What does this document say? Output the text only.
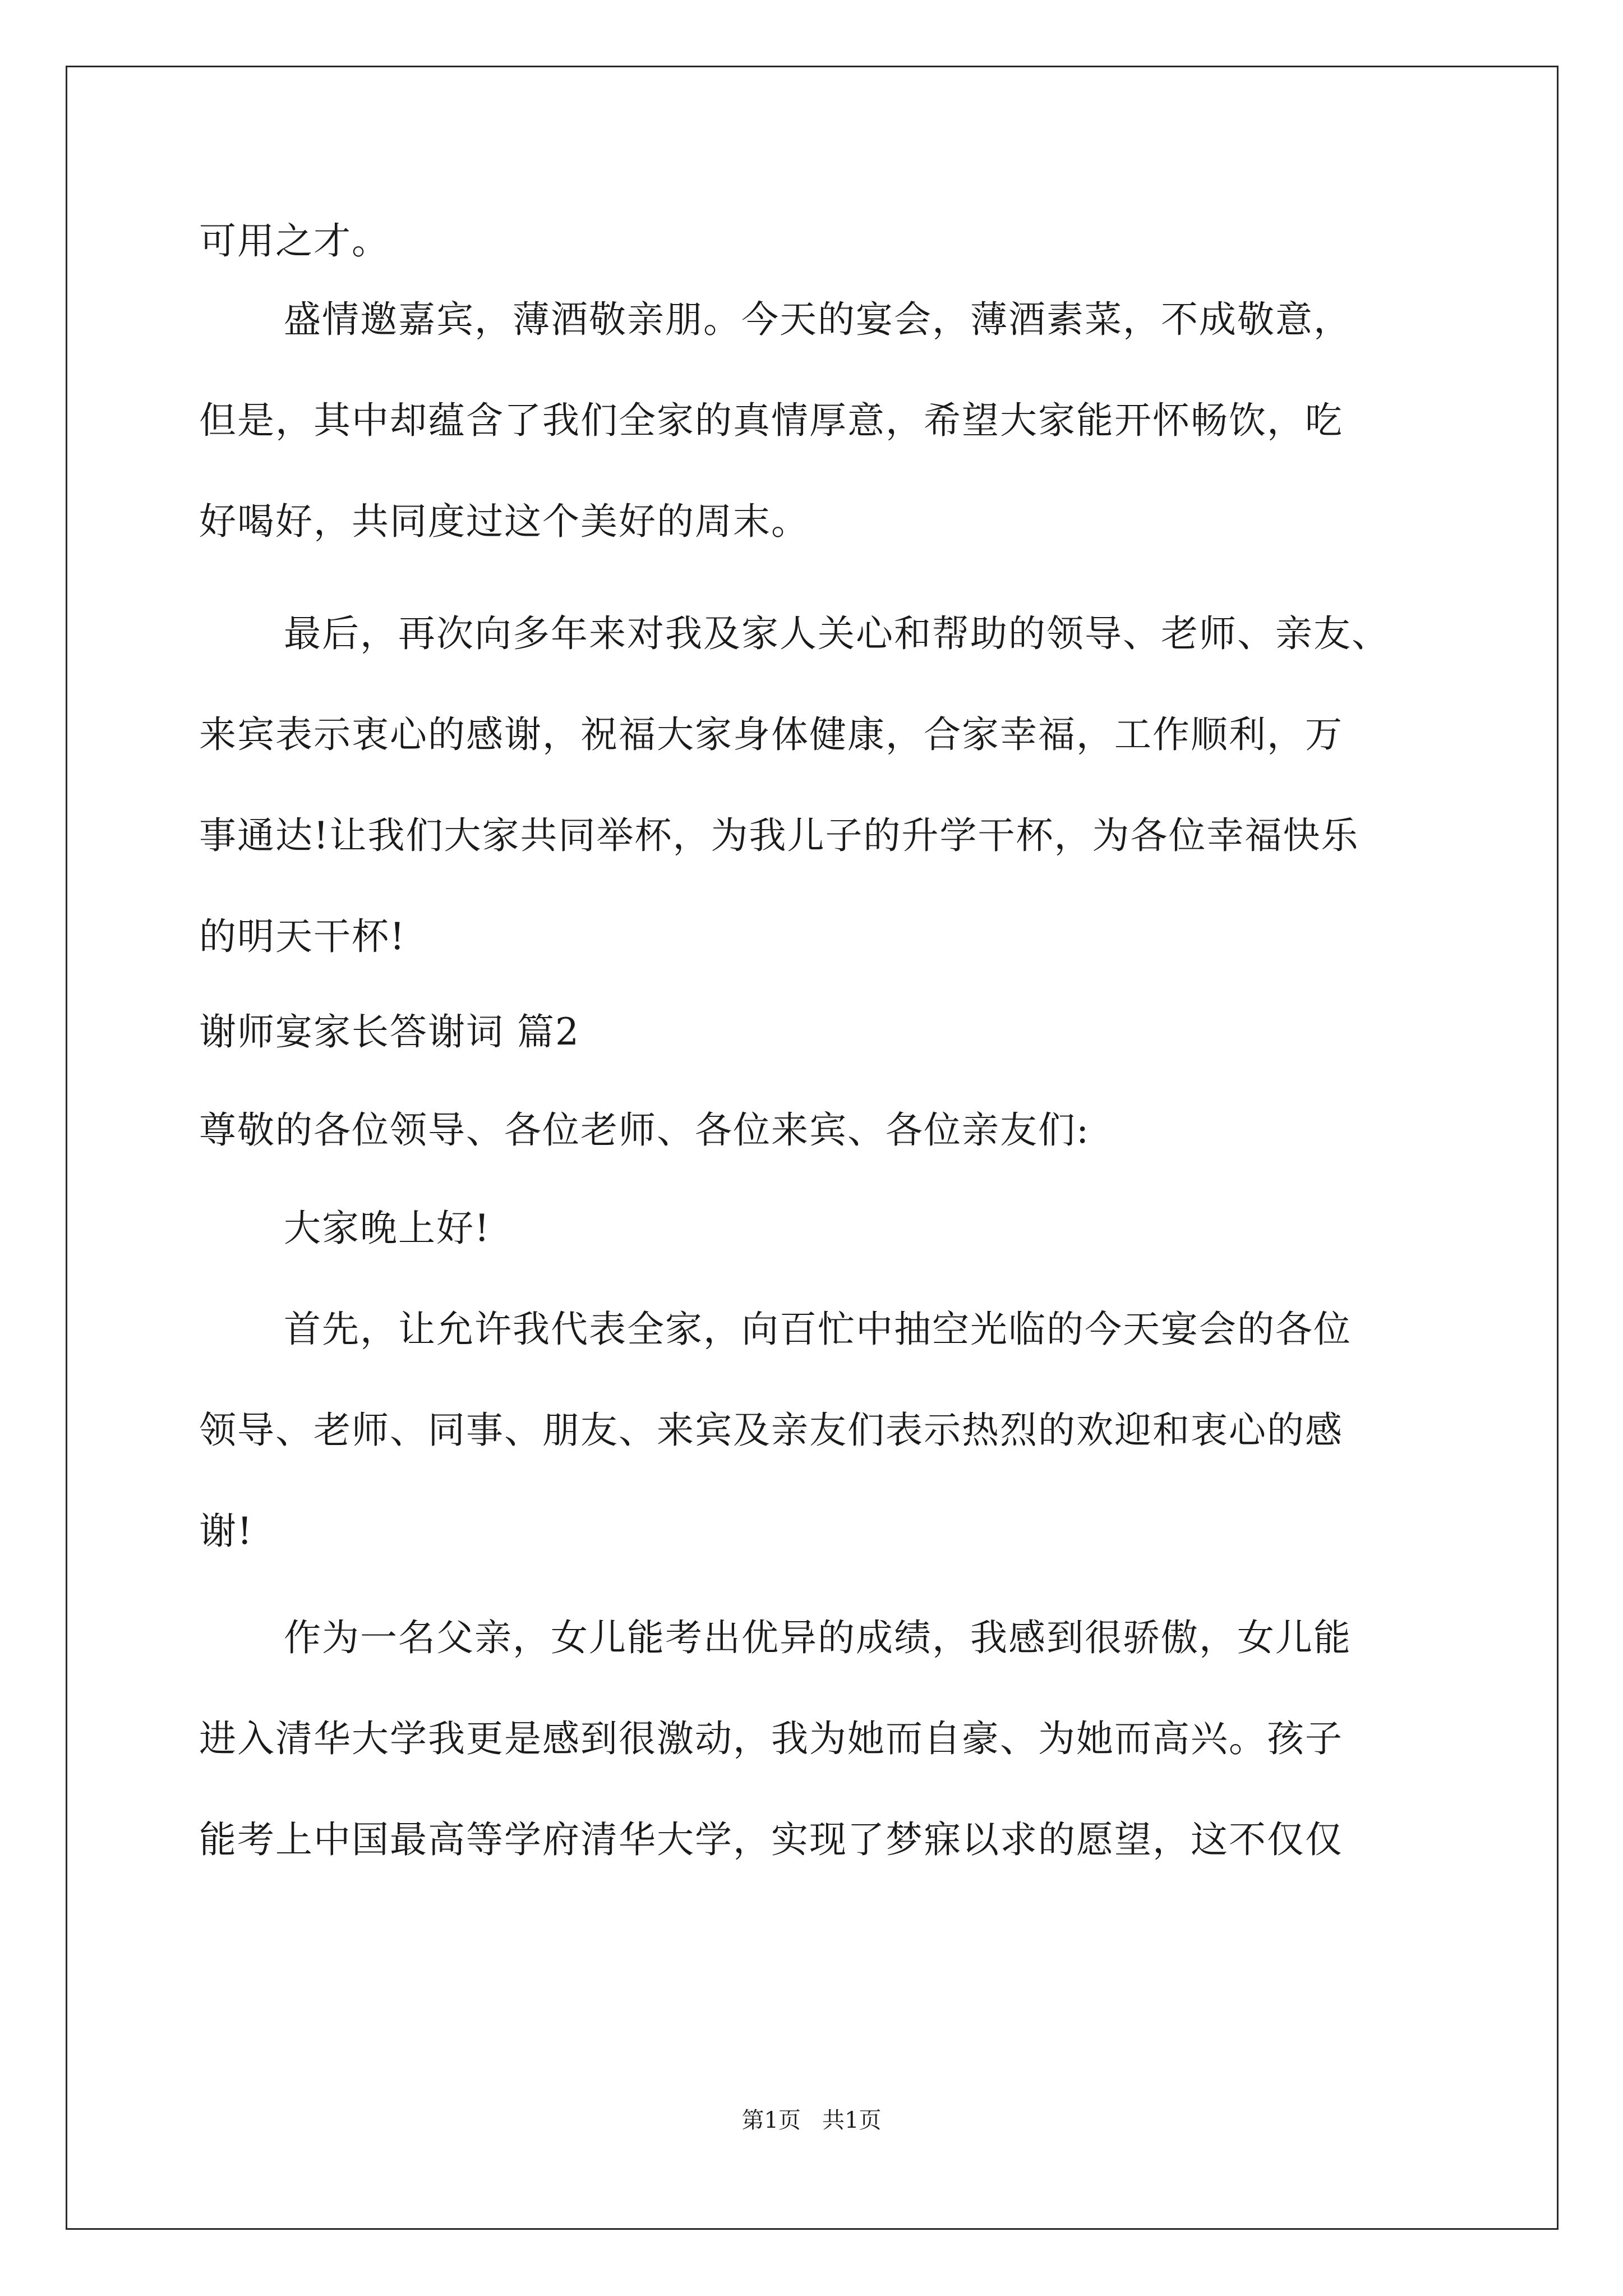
可用之才。
盛情邀嘉宾，薄酒敬亲朋。今天的宴会，薄酒素菜，不成敬意，
但是，其中却蕴含了我们全家的真情厚意，希望大家能开怀畅饮，吃
好喝好，共同度过这个美好的周末。
最后，再次向多年来对我及家人关心和帮助的领导、老师、亲友、
来宾表示衷心的感谢，祝福大家身体健康，合家幸福，工作顺利，万
事通达!让我们大家共同举杯，为我儿子的升学干杯，为各位幸福快乐
的明天干杯!
谢师宴家长答谢词 篇2
尊敬的各位领导、各位老师、各位来宾、各位亲友们:
大家晚上好!
首先，让允许我代表全家，向百忙中抽空光临的今天宴会的各位
领导、老师、同事、朋友、来宾及亲友们表示热烈的欢迎和衷心的感
谢!
作为一名父亲，女儿能考出优异的成绩，我感到很骄傲，女儿能
进入清华大学我更是感到很激动，我为她而自豪、为她而高兴。孩子
能考上中国最高等学府清华大学，实现了梦寐以求的愿望，这不仅仅
第1页   共1页
